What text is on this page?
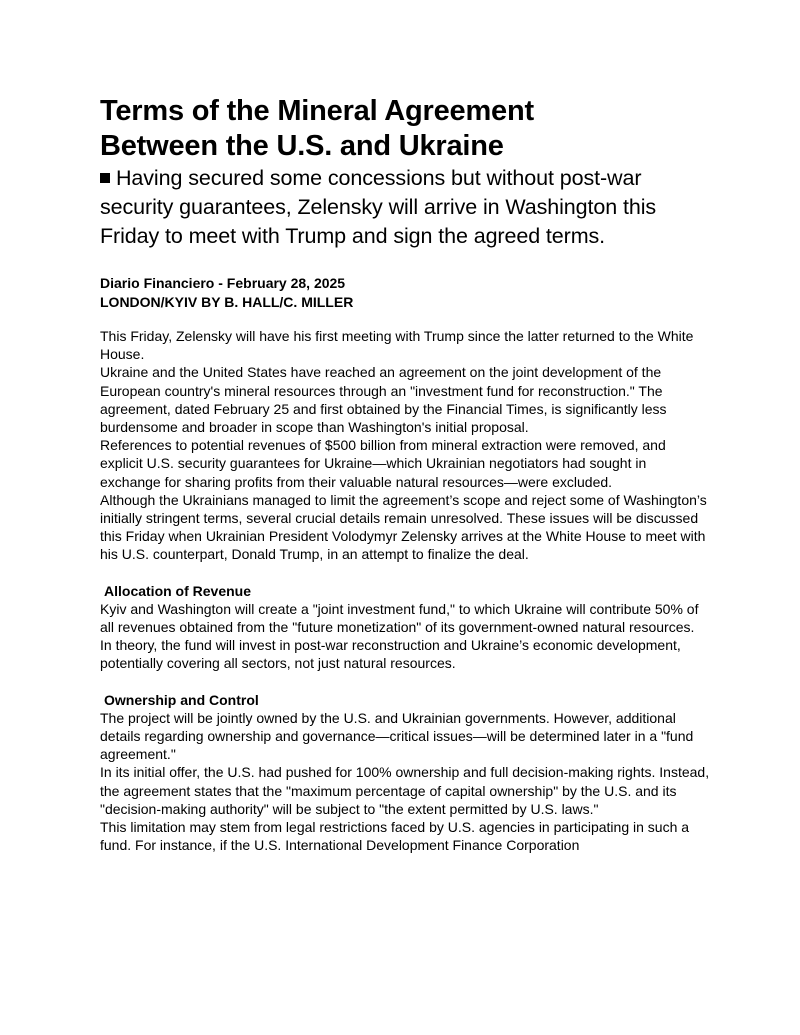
Terms of the Mineral Agreement
Between the U.S. and Ukraine

Having secured some concessions but without post-war security guarantees, Zelensky will arrive in Washington this Friday to meet with Trump and sign the agreed terms.

Diario Financiero - February 28, 2025
LONDON/KYIV BY B. HALL/C. MILLER

This Friday, Zelensky will have his first meeting with Trump since the latter returned to the White House.

Ukraine and the United States have reached an agreement on the joint development of the European country's mineral resources through an "investment fund for reconstruction." The agreement, dated February 25 and first obtained by the Financial Times, is significantly less burdensome and broader in scope than Washington's initial proposal.

References to potential revenues of $500 billion from mineral extraction were removed, and explicit U.S. security guarantees for Ukraine—which Ukrainian negotiators had sought in exchange for sharing profits from their valuable natural resources—were excluded.

Although the Ukrainians managed to limit the agreement’s scope and reject some of Washington’s initially stringent terms, several crucial details remain unresolved. These issues will be discussed this Friday when Ukrainian President Volodymyr Zelensky arrives at the White House to meet with his U.S. counterpart, Donald Trump, in an attempt to finalize the deal.

Allocation of Revenue

Kyiv and Washington will create a "joint investment fund," to which Ukraine will contribute 50% of all revenues obtained from the "future monetization" of its government-owned natural resources.

In theory, the fund will invest in post-war reconstruction and Ukraine’s economic development, potentially covering all sectors, not just natural resources.

Ownership and Control

The project will be jointly owned by the U.S. and Ukrainian governments. However, additional details regarding ownership and governance—critical issues—will be determined later in a "fund agreement."

In its initial offer, the U.S. had pushed for 100% ownership and full decision-making rights. Instead, the agreement states that the "maximum percentage of capital ownership" by the U.S. and its "decision-making authority" will be subject to "the extent permitted by U.S. laws."

This limitation may stem from legal restrictions faced by U.S. agencies in participating in such a fund. For instance, if the U.S. International Development Finance Corporation
